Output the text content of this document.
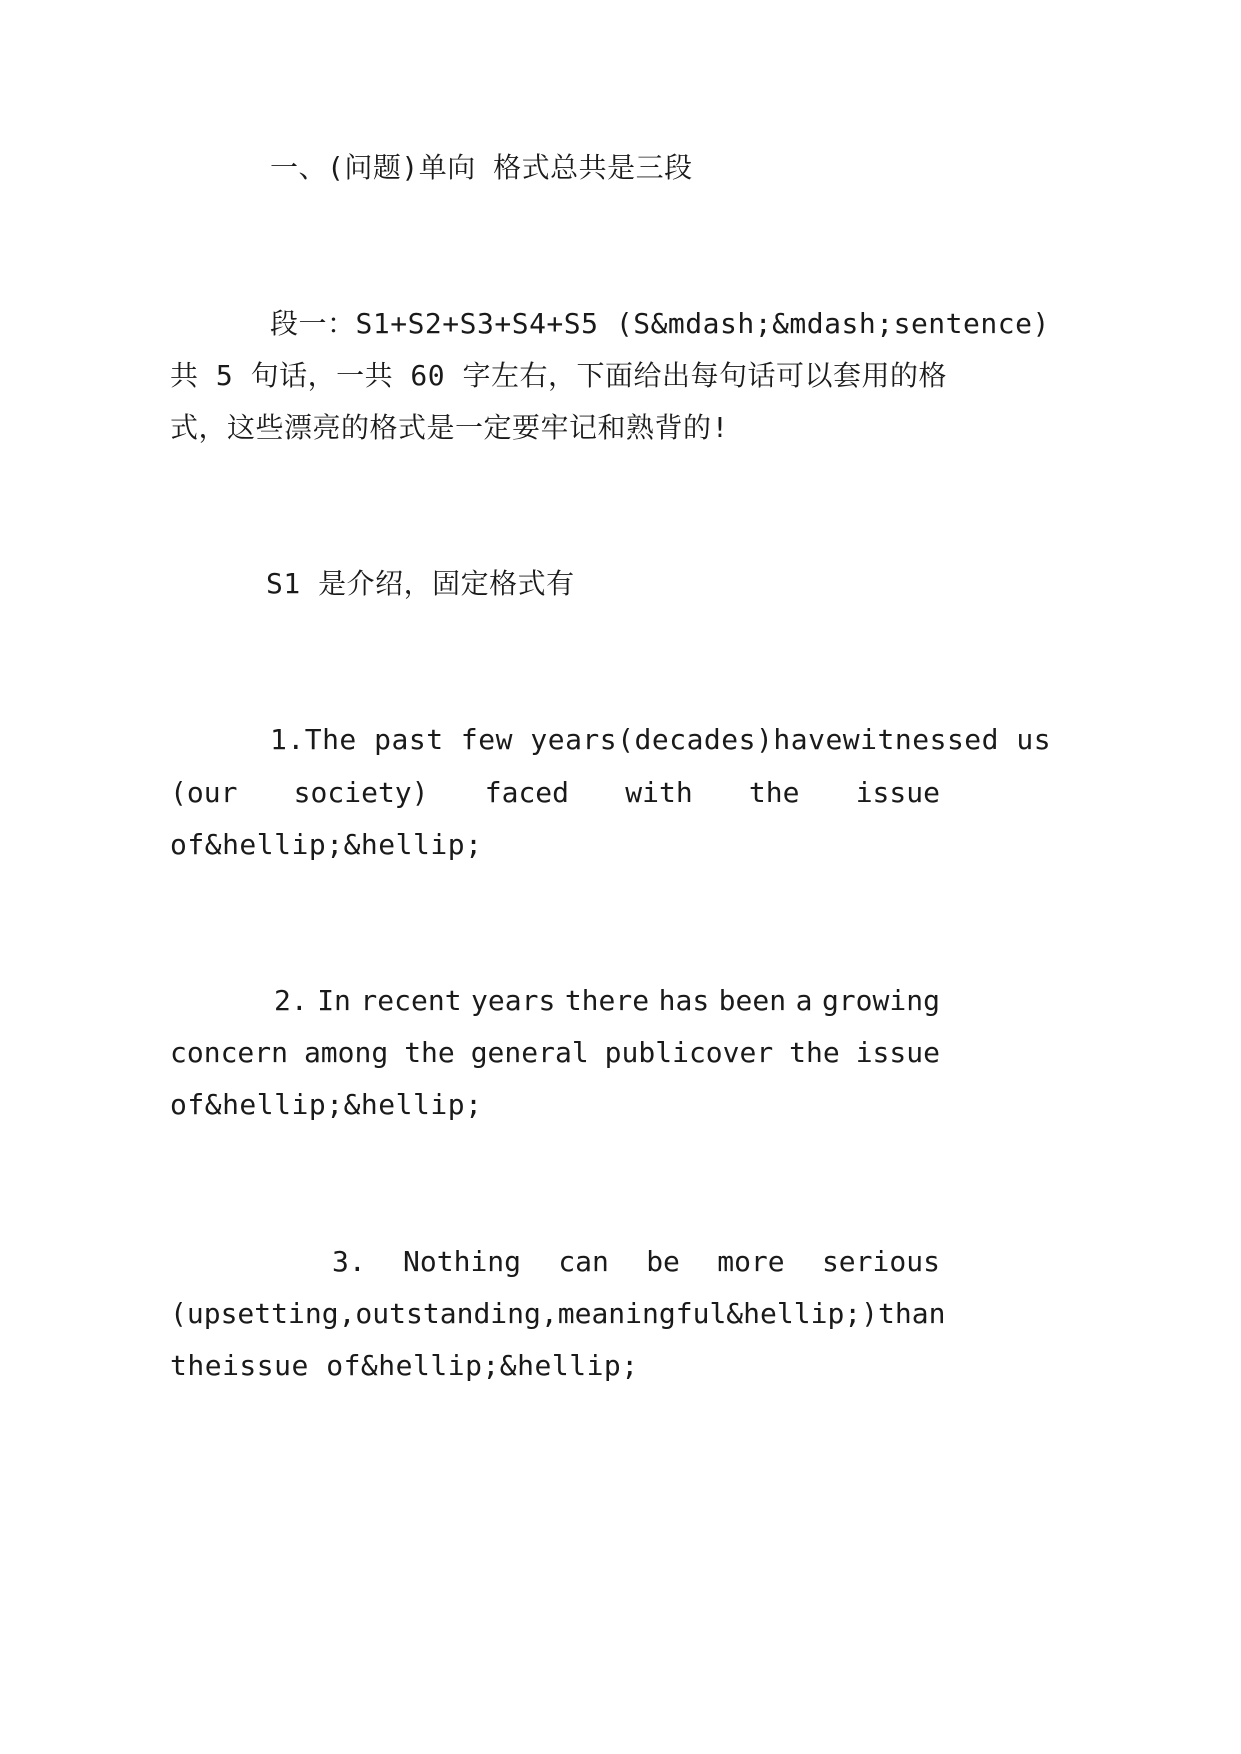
一、(问题)单向 格式总共是三段
段一：S1+S2+S3+S4+S5 (S&mdash;&mdash;sentence)
共 5 句话，一共 60 字左右，下面给出每句话可以套用的格
式，这些漂亮的格式是一定要牢记和熟背的!
S1 是介绍，固定格式有
1.The past few years(decades)havewitnessed us
(our society) faced with the issue
of&hellip;&hellip;
2. In recent years there has been a growing
concern among the general publicover the issue
of&hellip;&hellip;
3. Nothing can be more serious
(upsetting ,outstanding, meaningful&hellip;) than
theissue of&hellip;&hellip;
